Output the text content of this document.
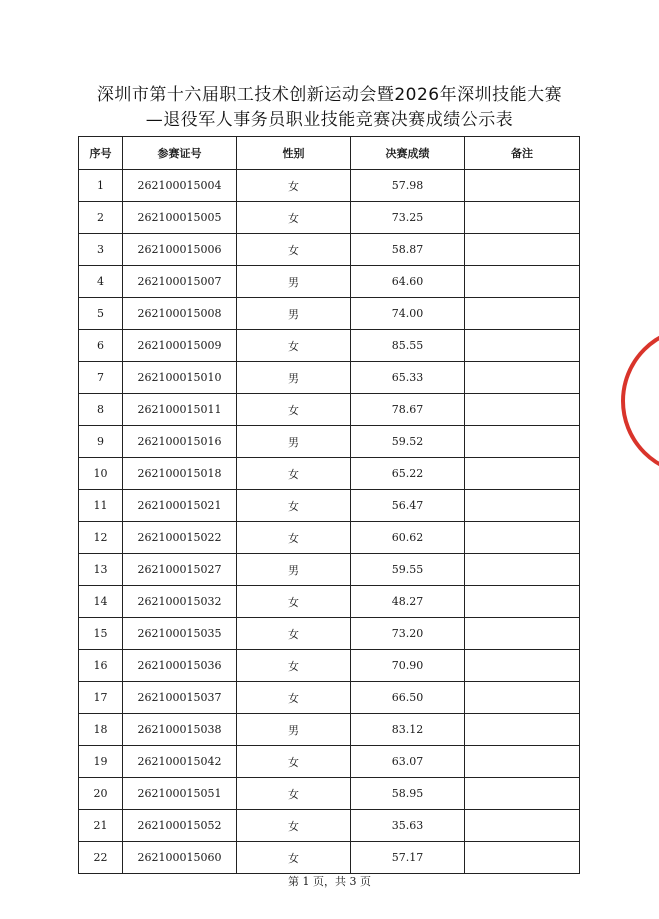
深圳市第十六届职工技术创新运动会暨2026年深圳技能大赛
—退役军人事务员职业技能竞赛决赛成绩公示表
序号	参赛证号	性别	决赛成绩	备注
1	262100015004	女	57.98	
2	262100015005	女	73.25	
3	262100015006	女	58.87	
4	262100015007	男	64.60	
5	262100015008	男	74.00	
6	262100015009	女	85.55	
7	262100015010	男	65.33	
8	262100015011	女	78.67	
9	262100015016	男	59.52	
10	262100015018	女	65.22	
11	262100015021	女	56.47	
12	262100015022	女	60.62	
13	262100015027	男	59.55	
14	262100015032	女	48.27	
15	262100015035	女	73.20	
16	262100015036	女	70.90	
17	262100015037	女	66.50	
18	262100015038	男	83.12	
19	262100015042	女	63.07	
20	262100015051	女	58.95	
21	262100015052	女	35.63	
22	262100015060	女	57.17	
第 1 页，共 3 页
